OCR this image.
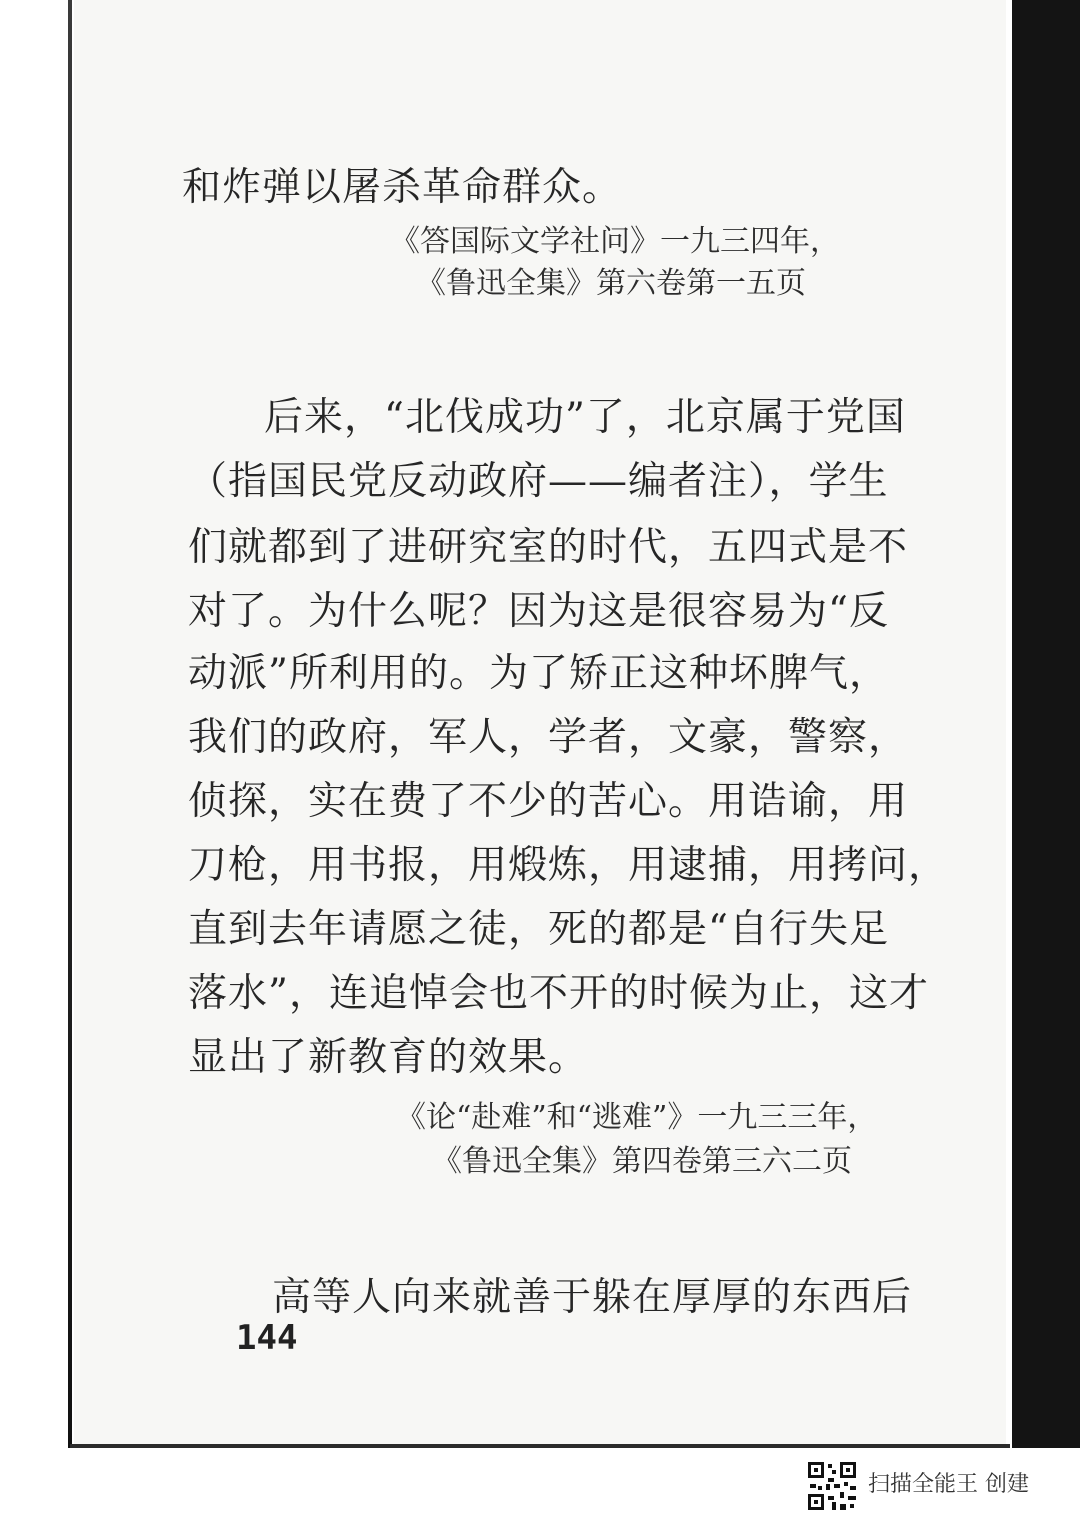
和炸弹以屠杀革命群众。
《答国际文学社问》一九三四年，
《鲁迅全集》第六卷第一五页
后来，“北伐成功”了，北京属于党国
（指国民党反动政府——编者注），学生
们就都到了进研究室的时代，五四式是不
对了。为什么呢？因为这是很容易为“反
动派”所利用的。为了矫正这种坏脾气，
我们的政府，军人，学者，文豪，警察，
侦探，实在费了不少的苦心。用诰谕，用
刀枪，用书报，用煅炼，用逮捕，用拷问，
直到去年请愿之徒，死的都是“自行失足
落水”，连追悼会也不开的时候为止，这才
显出了新教育的效果。
《论“赴难”和“逃难”》一九三三年，
《鲁迅全集》第四卷第三六二页
高等人向来就善于躲在厚厚的东西后
144
扫描全能王 创建
